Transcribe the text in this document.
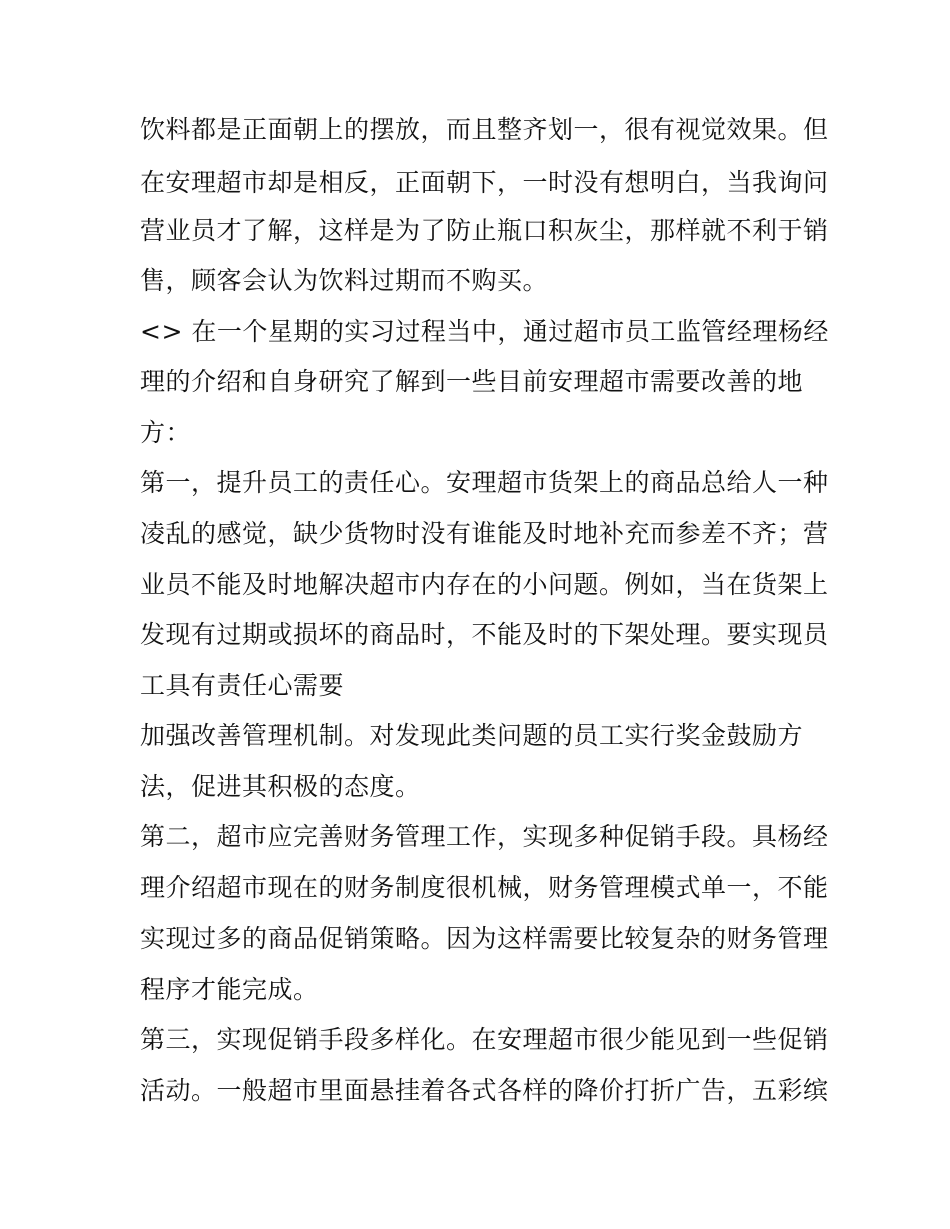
饮料都是正面朝上的摆放，而且整齐划一，很有视觉效果。但
在安理超市却是相反，正面朝下，一时没有想明白，当我询问
营业员才了解，这样是为了防止瓶口积灰尘，那样就不利于销
售，顾客会认为饮料过期而不购买。
<> 在一个星期的实习过程当中，通过超市员工监管经理杨经
理的介绍和自身研究了解到一些目前安理超市需要改善的地
方：
第一，提升员工的责任心。安理超市货架上的商品总给人一种
凌乱的感觉，缺少货物时没有谁能及时地补充而参差不齐；营
业员不能及时地解决超市内存在的小问题。例如，当在货架上
发现有过期或损坏的商品时，不能及时的下架处理。要实现员
工具有责任心需要
加强改善管理机制。对发现此类问题的员工实行奖金鼓励方
法，促进其积极的态度。
第二，超市应完善财务管理工作，实现多种促销手段。具杨经
理介绍超市现在的财务制度很机械，财务管理模式单一，不能
实现过多的商品促销策略。因为这样需要比较复杂的财务管理
程序才能完成。
第三，实现促销手段多样化。在安理超市很少能见到一些促销
活动。一般超市里面悬挂着各式各样的降价打折广告，五彩缤
